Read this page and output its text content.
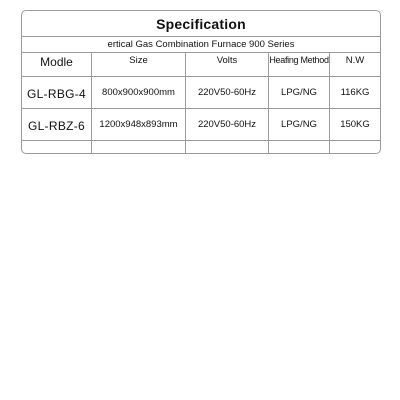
Specification
ertical Gas Combination Furnace 900 Series
Modle	Size	Volts	Heafing Method	N.W
GL-RBG-4	800x900x900mm	220V50-60Hz	LPG/NG	116KG
GL-RBZ-6	1200x948x893mm	220V50-60Hz	LPG/NG	150KG
